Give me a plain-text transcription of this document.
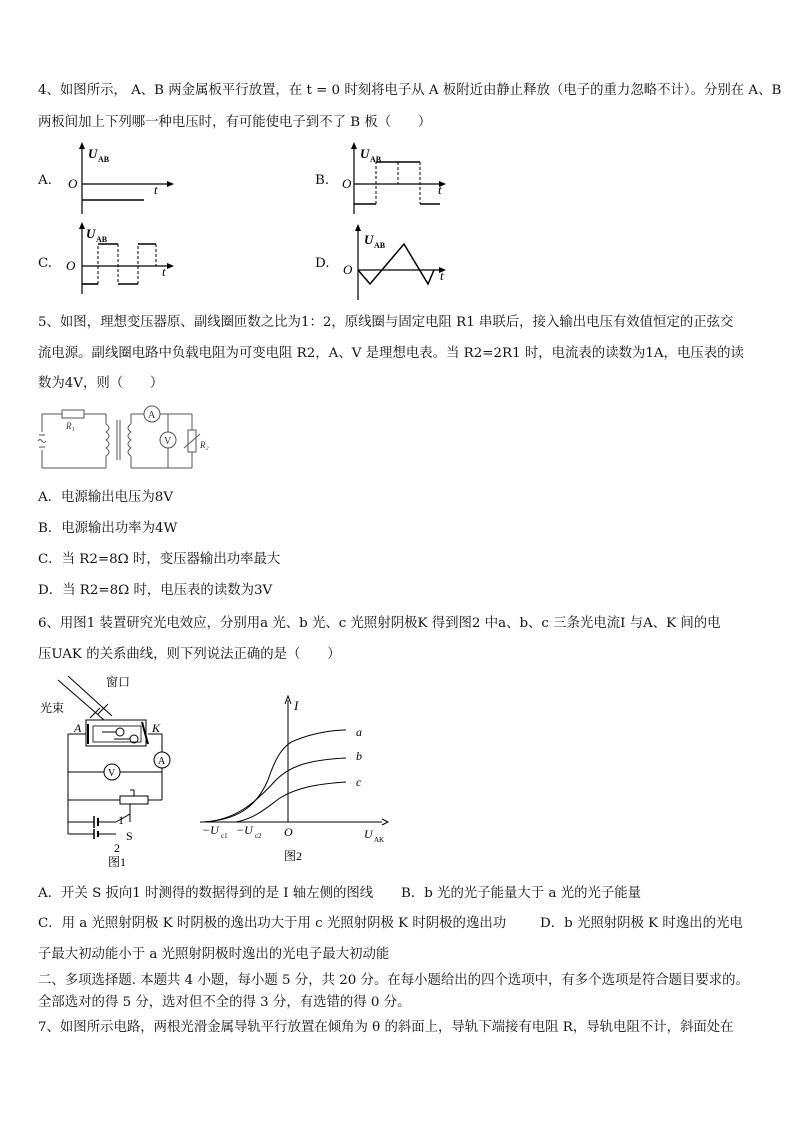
4、如图所示， A、B 两金属板平行放置，在 t = 0 时刻将电子从 A 板附近由静止释放（电子的重力忽略不计）。分别在 A、B
两板间加上下列哪一种电压时，有可能使电子到不了 B 板（　　）
A.
U AB
O	t
B.
U AB
O	t
C.
U AB
O	t
D.
U AB
O	t
5、如图，理想变压器原、副线圈匝数之比为1：2，原线圈与固定电阻 R1 串联后，接入输出电压有效值恒定的正弦交
流电源。副线圈电路中负载电阻为可变电阻 R2，A、V 是理想电表。当 R2=2R1 时，电流表的读数为1A，电压表的读
数为4V，则（　　）
R₁
A
V	R₂
A．电源输出电压为8V
B．电源输出功率为4W
C．当 R2=8Ω 时，变压器输出功率最大
D．当 R2=8Ω 时，电压表的读数为3V
6、用图1 装置研究光电效应，分别用a 光、b 光、c 光照射阴极K 得到图2 中a、b、c 三条光电流I 与A、K 间的电
压UAK 的关系曲线，则下列说法正确的是（　　）
窗口
光束
A	K
A
V
1
2
S
图1
I
a
b
c
−U c1 −U c2 O	U AK
图2
A．开关 S 扳向1 时测得的数据得到的是 I 轴左侧的图线	B．b 光的光子能量大于 a 光的光子能量
C．用 a 光照射阴极 K 时阴极的逸出功大于用 c 光照射阴极 K 时阴极的逸出功	D．b 光照射阴极 K 时逸出的光电
子最大初动能小于 a 光照射阴极时逸出的光电子最大初动能
二、多项选择题. 本题共 4 小题，每小题 5 分，共 20 分。在每小题给出的四个选项中，有多个选项是符合题目要求的。
全部选对的得 5 分，选对但不全的得 3 分，有选错的得 0 分。
7、如图所示电路，两根光滑金属导轨平行放置在倾角为 θ 的斜面上，导轨下端接有电阻 R，导轨电阻不计，斜面处在
